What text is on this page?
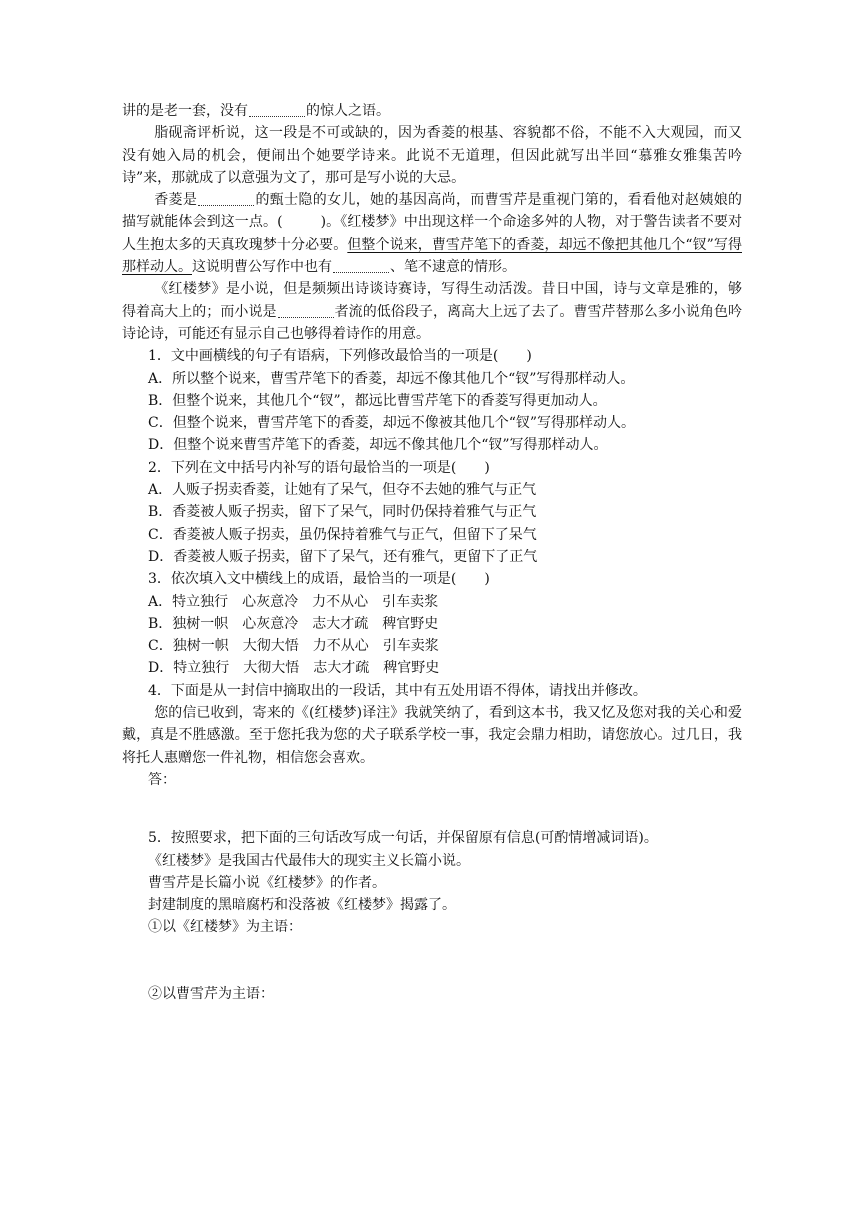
讲的是老一套，没有	的惊人之语。

脂砚斋评析说，这一段是不可或缺的，因为香菱的根基、容貌都不俗，不能不入大观园，而又没有她入局的机会，便闹出个她要学诗来。此说不无道理，但因此就写出半回“慕雅女雅集苦吟诗”来，那就成了以意强为文了，那可是写小说的大忌。

香菱是	的甄士隐的女儿，她的基因高尚，而曹雪芹是重视门第的，看看他对赵姨娘的描写就能体会到这一点。(	)。《红楼梦》中出现这样一个命途多舛的人物，对于警告读者不要对人生抱太多的天真玫瑰梦十分必要。但整个说来，曹雪芹笔下的香菱，却远不像把其他几个“钗”写得那样动人。这说明曹公写作中也有	、笔不逮意的情形。

《红楼梦》是小说，但是频频出诗谈诗赛诗，写得生动活泼。昔日中国，诗与文章是雅的，够得着高大上的；而小说是	者流的低俗段子，离高大上远了去了。曹雪芹替那么多小说角色吟诗论诗，可能还有显示自己也够得着诗作的用意。

1．文中画横线的句子有语病，下列修改最恰当的一项是(　　)

A．所以整个说来，曹雪芹笔下的香菱，却远不像其他几个“钗”写得那样动人。

B．但整个说来，其他几个“钗”，都远比曹雪芹笔下的香菱写得更加动人。

C．但整个说来，曹雪芹笔下的香菱，却远不像被其他几个“钗”写得那样动人。

D．但整个说来曹雪芹笔下的香菱，却远不像其他几个“钗”写得那样动人。

2．下列在文中括号内补写的语句最恰当的一项是(　　)

A．人贩子拐卖香菱，让她有了呆气，但夺不去她的雅气与正气

B．香菱被人贩子拐卖，留下了呆气，同时仍保持着雅气与正气

C．香菱被人贩子拐卖，虽仍保持着雅气与正气，但留下了呆气

D．香菱被人贩子拐卖，留下了呆气，还有雅气，更留下了正气

3．依次填入文中横线上的成语，最恰当的一项是(　　)

A．特立独行 心灰意冷 力不从心 引车卖浆

B．独树一帜 心灰意冷 志大才疏 稗官野史

C．独树一帜 大彻大悟 力不从心 引车卖浆

D．特立独行 大彻大悟 志大才疏 稗官野史

4．下面是从一封信中摘取出的一段话，其中有五处用语不得体，请找出并修改。

您的信已收到，寄来的《(红楼梦)译注》我就笑纳了，看到这本书，我又忆及您对我的关心和爱戴，真是不胜感激。至于您托我为您的犬子联系学校一事，我定会鼎力相助，请您放心。过几日，我将托人惠赠您一件礼物，相信您会喜欢。

答：

5．按照要求，把下面的三句话改写成一句话，并保留原有信息(可酌情增减词语)。

《红楼梦》是我国古代最伟大的现实主义长篇小说。

曹雪芹是长篇小说《红楼梦》的作者。

封建制度的黑暗腐朽和没落被《红楼梦》揭露了。

①以《红楼梦》为主语：

②以曹雪芹为主语：
